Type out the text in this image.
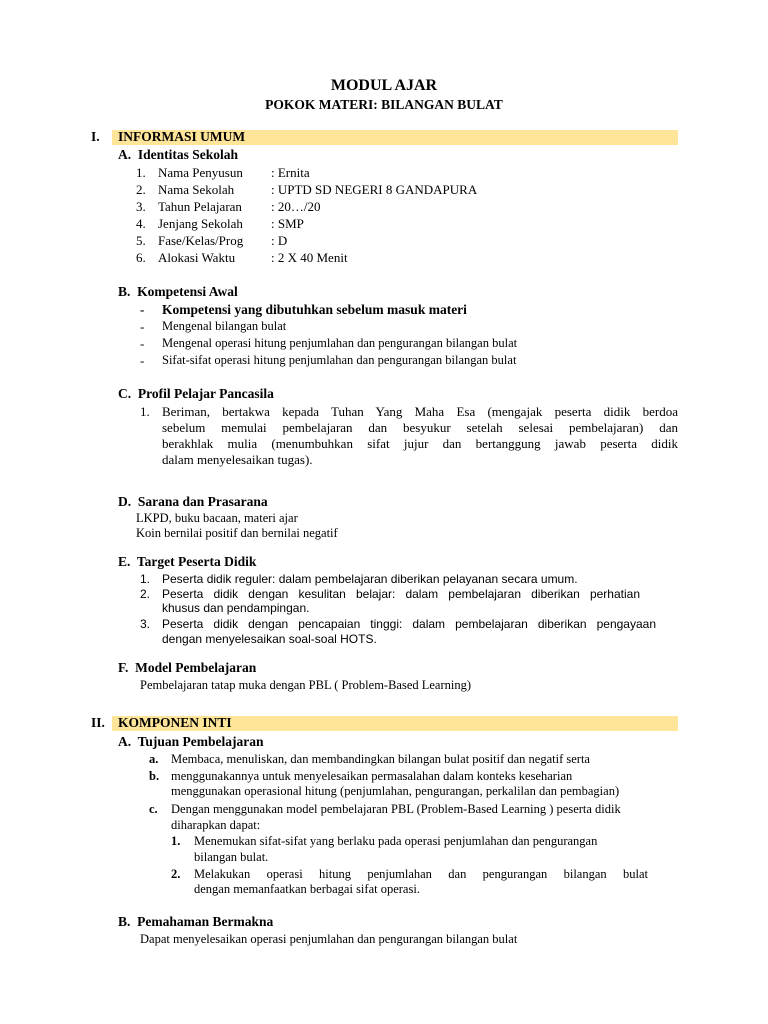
MODUL AJAR
POKOK MATERI: BILANGAN BULAT
I. INFORMASI UMUM
A.  Identitas Sekolah
1. Nama Penyusun : Ernita
2. Nama Sekolah	: UPTD SD NEGERI 8 GANDAPURA
3. Tahun Pelajaran : 20…/20
4. Jenjang Sekolah : SMP
5. Fase/Kelas/Prog : D
6. Alokasi Waktu	: 2 X 40 Menit
B.  Kompetensi Awal
- Kompetensi yang dibutuhkan sebelum masuk materi
- Mengenal bilangan bulat
- Mengenal operasi hitung penjumlahan dan pengurangan bilangan bulat
- Sifat-sifat operasi hitung penjumlahan dan pengurangan bilangan bulat
C.  Profil Pelajar Pancasila
1. Beriman, bertakwa kepada Tuhan Yang Maha Esa (mengajak peserta didik berdoa
sebelum memulai pembelajaran dan besyukur setelah selesai pembelajaran) dan
berakhlak mulia (menumbuhkan sifat jujur dan bertanggung jawab peserta didik
dalam menyelesaikan tugas).
D.  Sarana dan Prasarana
LKPD, buku bacaan, materi ajar
Koin bernilai positif dan bernilai negatif
E.  Target Peserta Didik
1. Peserta didik reguler: dalam pembelajaran diberikan pelayanan secara umum.
2. Peserta didik dengan kesulitan belajar: dalam pembelajaran diberikan perhatian
khusus dan pendampingan.
3. Peserta didik dengan pencapaian tinggi: dalam pembelajaran diberikan pengayaan
dengan menyelesaikan soal-soal HOTS.
F.  Model Pembelajaran
Pembelajaran tatap muka dengan PBL ( Problem-Based Learning)
II. KOMPONEN INTI
A.  Tujuan Pembelajaran
a. Membaca, menuliskan, dan membandingkan bilangan bulat positif dan negatif serta
b. menggunakannya untuk menyelesaikan permasalahan dalam konteks keseharian
menggunakan operasional hitung (penjumlahan, pengurangan, perkalilan dan pembagian)
c. Dengan menggunakan model pembelajaran PBL (Problem-Based Learning ) peserta didik
diharapkan dapat:
1. Menemukan sifat-sifat yang berlaku pada operasi penjumlahan dan pengurangan
bilangan bulat.
2. Melakukan operasi hitung penjumlahan dan pengurangan bilangan bulat
dengan memanfaatkan berbagai sifat operasi.
B.  Pemahaman Bermakna
Dapat menyelesaikan operasi penjumlahan dan pengurangan bilangan bulat
